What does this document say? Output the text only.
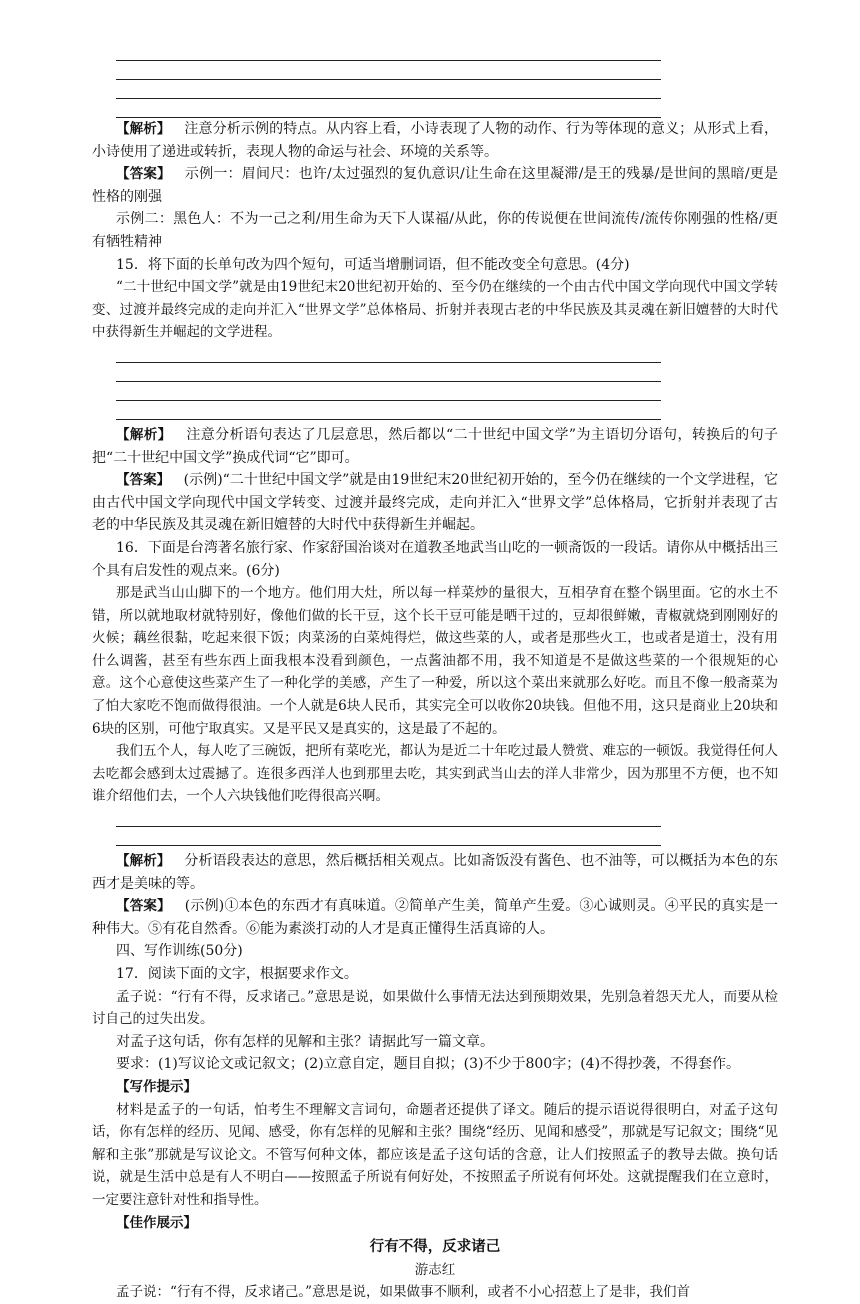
【解析】 注意分析示例的特点。从内容上看，小诗表现了人物的动作、行为等体现的意义；从形式上看，小诗使用了递进或转折，表现人物的命运与社会、环境的关系等。

【答案】 示例一：眉间尺：也许/太过强烈的复仇意识/让生命在这里凝滞/是王的残暴/是世间的黑暗/更是性格的刚强

示例二：黑色人：不为一己之利/用生命为天下人谋福/从此，你的传说便在世间流传/流传你刚强的性格/更有牺牲精神

15．将下面的长单句改为四个短句，可适当增删词语，但不能改变全句意思。(4分)

“二十世纪中国文学”就是由19世纪末20世纪初开始的、至今仍在继续的一个由古代中国文学向现代中国文学转变、过渡并最终完成的走向并汇入“世界文学”总体格局、折射并表现古老的中华民族及其灵魂在新旧嬗替的大时代中获得新生并崛起的文学进程。

【解析】 注意分析语句表达了几层意思，然后都以“二十世纪中国文学”为主语切分语句，转换后的句子把“二十世纪中国文学”换成代词“它”即可。

【答案】 (示例)“二十世纪中国文学”就是由19世纪末20世纪初开始的，至今仍在继续的一个文学进程，它由古代中国文学向现代中国文学转变、过渡并最终完成，走向并汇入“世界文学”总体格局，它折射并表现了古老的中华民族及其灵魂在新旧嬗替的大时代中获得新生并崛起。

16．下面是台湾著名旅行家、作家舒国治谈对在道教圣地武当山吃的一顿斋饭的一段话。请你从中概括出三个具有启发性的观点来。(6分)

那是武当山山脚下的一个地方。他们用大灶，所以每一样菜炒的量很大，互相孕育在整个锅里面。它的水土不错，所以就地取材就特别好，像他们做的长干豆，这个长干豆可能是晒干过的，豆却很鲜嫩，青椒就烧到刚刚好的火候；藕丝很黏，吃起来很下饭；肉菜汤的白菜炖得烂，做这些菜的人，或者是那些火工，也或者是道士，没有用什么调酱，甚至有些东西上面我根本没看到颜色，一点酱油都不用，我不知道是不是做这些菜的一个很规矩的心意。这个心意使这些菜产生了一种化学的美感，产生了一种爱，所以这个菜出来就那么好吃。而且不像一般斋菜为了怕大家吃不饱而做得很油。一个人就是6块人民币，其实完全可以收你20块钱。但他不用，这只是商业上20块和6块的区别，可他宁取真实。又是平民又是真实的，这是最了不起的。

我们五个人，每人吃了三碗饭，把所有菜吃光，都认为是近二十年吃过最人赞赏、难忘的一顿饭。我觉得任何人去吃都会感到太过震撼了。连很多西洋人也到那里去吃，其实到武当山去的洋人非常少，因为那里不方便，也不知谁介绍他们去，一个人六块钱他们吃得很高兴啊。

【解析】 分析语段表达的意思，然后概括相关观点。比如斋饭没有酱色、也不油等，可以概括为本色的东西才是美味的等。

【答案】 (示例)①本色的东西才有真味道。②简单产生美，简单产生爱。③心诚则灵。④平民的真实是一种伟大。⑤有花自然香。⑥能为素淡打动的人才是真正懂得生活真谛的人。

四、写作训练(50分)

17．阅读下面的文字，根据要求作文。

孟子说：“行有不得，反求诸己。”意思是说，如果做什么事情无法达到预期效果，先别急着怨天尤人，而要从检讨自己的过失出发。

对孟子这句话，你有怎样的见解和主张？请据此写一篇文章。

要求：(1)写议论文或记叙文；(2)立意自定，题目自拟；(3)不少于800字；(4)不得抄袭，不得套作。

【写作提示】

材料是孟子的一句话，怕考生不理解文言词句，命题者还提供了译文。随后的提示语说得很明白，对孟子这句话，你有怎样的经历、见闻、感受，你有怎样的见解和主张？围绕“经历、见闻和感受”，那就是写记叙文；围绕“见解和主张”那就是写议论文。不管写何种文体，都应该是孟子这句话的含意，让人们按照孟子的教导去做。换句话说，就是生活中总是有人不明白——按照孟子所说有何好处，不按照孟子所说有何坏处。这就提醒我们在立意时，一定要注意针对性和指导性。

【佳作展示】

行有不得，反求诸己

游志红

孟子说：“行有不得，反求诸己。”意思是说，如果做事不顺利，或者不小心招惹上了是非，我们首
